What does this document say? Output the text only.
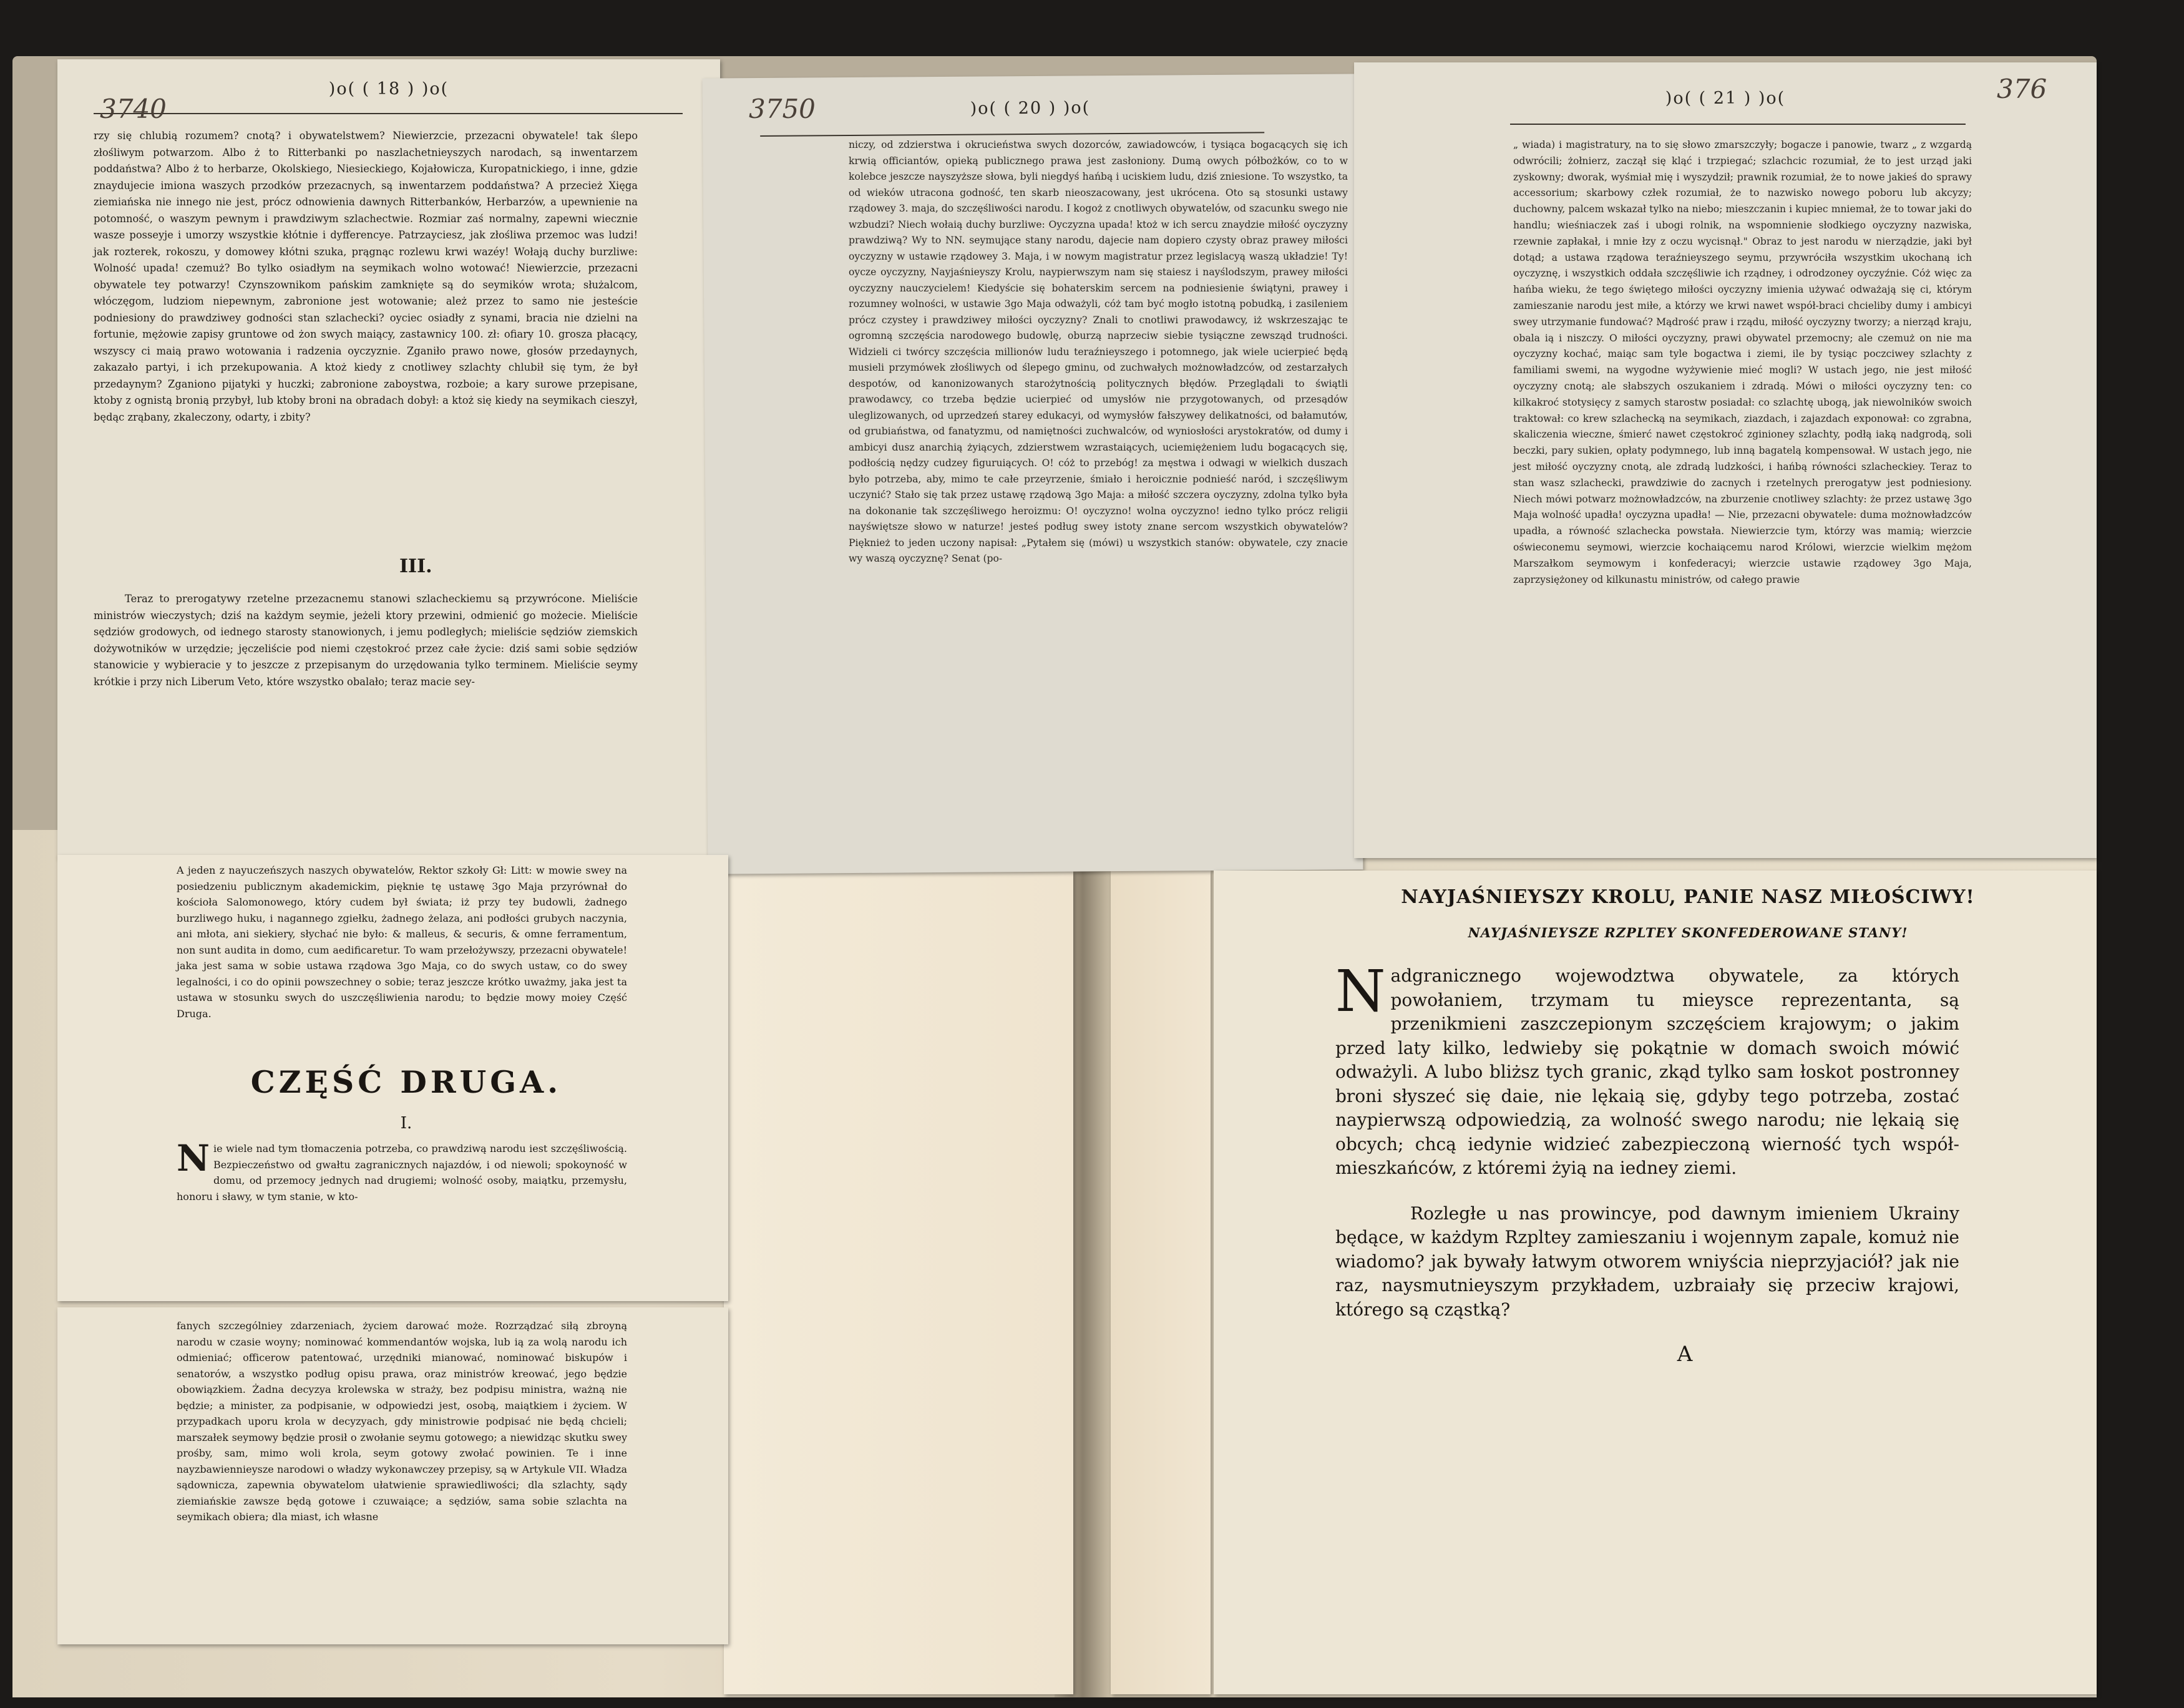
)o( ( 18 ) )o(
3740

rzy się chlubią rozumem? cnotą? i obywatelstwem? Niewierzcie, przezacni obywatele! tak ślepo złośliwym potwarzom. Albo ż to Ritterbanki po naszlachetnieyszych narodach, są inwentarzem poddaństwa? Albo ż to herbarze, Okolskiego, Niesieckiego, Kojałowicza, Kuropatnickiego, i inne, gdzie znaydujecie imiona waszych przodków przezacnych, są inwentarzem poddaństwa? A przecież Xięga ziemiańska nie innego nie jest, prócz odnowienia dawnych Ritterbanków, Herbarzów, a upewnienie na potomność, o waszym pewnym i prawdziwym szlachectwie. Rozmiar zaś normalny, zapewni wiecznie wasze posseyje i umorzy wszystkie kłótnie i dyfferencye. Patrzayciesz, jak złośliwa przemoc was ludzi! jak rozterek, rokoszu, y domowey kłótni szuka, prągnąc rozlewu krwi wazéy! Wołają duchy burzliwe: Wolność upada! czemuż? Bo tylko osiadłym na seymikach wolno wotować! Niewierzcie, przezacni obywatele tey potwarzy! Czynszownikom pańskim zamknięte są do seymików wrota; służalcom, włóczęgom, ludziom niepewnym, zabronione jest wotowanie; ależ przez to samo nie jesteście podniesiony do prawdziwey godności stan szlachecki? oyciec osiadły z synami, bracia nie dzielni na fortunie, mężowie zapisy gruntowe od żon swych maiący, zastawnicy 100. zł: ofiary 10. grosza płacący, wszyscy ci maią prawo wotowania i radzenia oyczyznie. Zganiło prawo nowe, głosów przedaynych, zakazało partyi, i ich przekupowania. A ktoż kiedy z cnotliwey szlachty chlubił się tym, że był przedaynym? Zganiono pijatyki y huczki; zabronione zaboystwa, rozboie; a kary surowe przepisane, ktoby z ognistą bronią przybył, lub ktoby broni na obradach dobył: a ktoż się kiedy na seymikach cieszył, będąc zrąbany, zkaleczony, odarty, i zbity?

III.

Teraz to prerogatywy rzetelne przezacnemu stanowi szlacheckiemu są przywrócone. Mieliście ministrów wieczystych; dziś na każdym seymie, jeżeli ktory przewini, odmienić go możecie. Mieliście sędziów grodowych, od iednego starosty stanowionych, i jemu podległych; mieliście sędziów ziemskich dożywotników w urzędzie; jęczeliście pod niemi częstokroć przez całe życie: dziś sami sobie sędziów stanowicie y wybieracie y to jeszcze z przepisanym do urzędowania tylko terminem. Mieliście seymy krótkie i przy nich Liberum Veto, które wszystko obalało; teraz macie sey-

)o( ( 20 ) )o(
3750

niczy, od zdzierstwa i okrucieństwa swych dozorców, zawiadowców, i tysiąca bogacących się ich krwią officiantów, opieką publicznego prawa jest zasłoniony. Dumą owych półbożków, co to w kolebce jeszcze nayszyższe słowa, byli niegdyś hańbą i uciskiem ludu, dziś zniesione. To wszystko, ta od wieków utracona godność, ten skarb nieoszacowany, jest ukrócena. Oto są stosunki ustawy rządowey 3. maja, do szczęśliwości narodu. I kogoż z cnotliwych obywatelów, od szacunku swego nie wzbudzi? Niech wołaią duchy burzliwe: Oyczyzna upada! ktoż w ich sercu znaydzie miłość oyczyzny prawdziwą? Wy to NN. seymujące stany narodu, dajecie nam dopiero czysty obraz prawey miłości oyczyzny w ustawie rządowey 3. Maja, i w nowym magistratur przez legislacyą waszą układzie! Ty! oycze oyczyzny, Nayjaśnieyszy Krolu, naypierwszym nam się staiesz i nayślodszym, prawey miłości oyczyzny nauczycielem! Kiedyście się bohaterskim sercem na podniesienie świątyni, prawey i rozumney wolności, w ustawie 3go Maja odważyli, cóż tam być mogło istotną pobudką, i zasileniem prócz czystey i prawdziwey miłości oyczyzny? Znali to cnotliwi prawodawcy, iż wskrzeszając te ogromną szczęścia narodowego budowlę, oburzą naprzeciw siebie tysiączne zewsząd trudności. Widzieli ci twórcy szczęścia millionów ludu teraźnieyszego i potomnego, jak wiele ucierpieć będą musieli przymówek złośliwych od ślepego gminu, od zuchwałych możnowładzców, od zestarzałych despotów, od kanonizowanych starożytnością politycznych błędów. Przeglądali to świątli prawodawcy, co trzeba będzie ucierpieć od umysłów nie przygotowanych, od przesądów uleglizowanych, od uprzedzeń starey edukacyi, od wymysłów fałszywey delikatności, od bałamutów, od grubiaństwa, od fanatyzmu, od namiętności zuchwalców, od wyniosłości arystokratów, od dumy i ambicyi dusz anarchią żyiących, zdzierstwem wzrastaiących, uciemiężeniem ludu bogacących się, podłością nędzy cudzey figuruiących. O! cóż to przebóg! za męstwa i odwagi w wielkich duszach było potrzeba, aby, mimo te całe przeyrzenie, śmiało i heroicznie podnieść naród, i szczęśliwym uczynić? Stało się tak przez ustawę rządową 3go Maja: a miłość szczera oyczyzny, zdolna tylko była na dokonanie tak szczęśliwego heroizmu: O! oyczyzno! wolna oyczyzno! iedno tylko prócz religii nayświętsze słowo w naturze! jesteś podług swey istoty znane sercom wszystkich obywatelów? Pięknież to jeden uczony napisał: „Pytałem się (mówi) u wszystkich stanów: obywatele, czy znacie wy waszą oyczyznę? Senat (po-

)o( ( 21 ) )o(	376

„ wiada) i magistratury, na to się słowo zmarszczyły; bogacze i panowie, twarz „ z wzgardą odwrócili; żołnierz, zaczął się kląć i trzpiegać; szlachcic rozumiał, że to jest urząd jaki zyskowny; dworak, wyśmiał mię i wyszydził; prawnik rozumiał, że to nowe jakieś do sprawy accessorium; skarbowy człek rozumiał, że to nazwisko nowego poboru lub akcyzy; duchowny, palcem wskazał tylko na niebo; mieszczanin i kupiec mniemał, że to towar jaki do handlu; wieśniaczek zaś i ubogi rolnik, na wspomnienie słodkiego oyczyzny nazwiska, rzewnie zapłakał, i mnie łzy z oczu wycisnął." Obraz to jest narodu w nierządzie, jaki był dotąd; a ustawa rządowa teraźnieyszego seymu, przywróciła wszystkim ukochaną ich oyczyznę, i wszystkich oddała szczęśliwie ich rządney, i odrodzoney oyczyźnie. Cóż więc za hańba wieku, że tego świętego miłości oyczyzny imienia używać odważają się ci, którym zamieszanie narodu jest miłe, a którzy we krwi nawet współ-braci chcieliby dumy i ambicyi swey utrzymanie fundować? Mądrość praw i rządu, miłość oyczyzny tworzy; a nierząd kraju, obala ią i niszczy. O miłości oyczyzny, prawi obywatel przemocny; ale czemuż on nie ma oyczyzny kochać, maiąc sam tyle bogactwa i ziemi, ile by tysiąc poczciwey szlachty z familiami swemi, na wygodne wyżywienie mieć mogli? W ustach jego, nie jest miłość oyczyzny cnotą; ale słabszych oszukaniem i zdradą. Mówi o miłości oyczyzny ten: co kilkakroć stotysięcy z samych starostw posiadał: co szlachtę ubogą, jak niewolników swoich traktował: co krew szlachecką na seymikach, ziazdach, i zajazdach exponował: co zgrabna, skaliczenia wieczne, śmierć nawet częstokroć zginioney szlachty, podłą iaką nadgrodą, soli beczki, pary sukien, opłaty podymnego, lub inną bagatelą kompensował. W ustach jego, nie jest miłość oyczyzny cnotą, ale zdradą ludzkości, i hańbą równości szlacheckiey. Teraz to stan wasz szlachecki, prawdziwie do zacnych i rzetelnych prerogatyw jest podniesiony. Niech mówi potwarz możnowładzców, na zburzenie cnotliwey szlachty: że przez ustawę 3go Maja wolność upadła! oyczyzna upadła! — Nie, przezacni obywatele: duma możnowładzców upadła, a równość szlachecka powstała. Niewierzcie tym, którzy was mamią; wierzcie oświeconemu seymowi, wierzcie kochaiącemu narod Królowi, wierzcie wielkim mężom Marszałkom seymowym i konfederacyi; wierzcie ustawie rządowey 3go Maja, zaprzysiężoney od kilkunastu ministrów, od całego prawie

A jeden z nayuczeńszych naszych obywatelów, Rektor szkoły Gł: Litt: w mowie swey na posiedzeniu publicznym akademickim, pięknie tę ustawę 3go Maja przyrównał do kościoła Salomonowego, który cudem był świata; iż przy tey budowli, żadnego burzliwego huku, i nagannego zgiełku, żadnego żelaza, ani podłości grubych naczynia, ani młota, ani siekiery, słychać nie było: & malleus, & securis, & omne ferramentum, non sunt audita in domo, cum aedificaretur. To wam przełożywszy, przezacni obywatele! jaka jest sama w sobie ustawa rządowa 3go Maja, co do swych ustaw, co do swey legalności, i co do opinii powszechney o sobie; teraz jeszcze krótko uważmy, jaka jest ta ustawa w stosunku swych do uszczęśliwienia narodu; to będzie mowy moiey Część Druga.

CZĘŚĆ DRUGA.
I.

Nie wiele nad tym tłomaczenia potrzeba, co prawdziwą narodu iest szczęśliwością. Bezpieczeństwo od gwałtu zagranicznych najazdów, i od niewoli; spokoyność w domu, od przemocy jednych nad drugiemi; wolność osoby, maiątku, przemysłu, honoru i sławy, w tym stanie, w kto-

fanych szczególniey zdarzeniach, życiem darować może. Rozrządzać siłą zbroyną narodu w czasie woyny; nominować kommendantów wojska, lub ią za wolą narodu ich odmieniać; officerow patentować, urzędniki mianować, nominować biskupów i senatorów, a wszystko podług opisu prawa, oraz ministrów kreować, jego będzie obowiązkiem. Żadna decyzya krolewska w straży, bez podpisu ministra, ważną nie będzie; a minister, za podpisanie, w odpowiedzi jest, osobą, maiątkiem i życiem. W przypadkach uporu krola w decyzyach, gdy ministrowie podpisać nie będą chcieli; marszałek seymowy będzie prosił o zwołanie seymu gotowego; a niewidząc skutku swey prośby, sam, mimo woli krola, seym gotowy zwołać powinien. Te i inne nayzbawiennieysze narodowi o władzy wykonawczey przepisy, są w Artykule VII. Władza sądownicza, zapewnia obywatelom ułatwienie sprawiedliwości; dla szlachty, sądy ziemiańskie zawsze będą gotowe i czuwaiące; a sędziów, sama sobie szlachta na seymikach obiera; dla miast, ich własne

NAYJAŚNIEYSZY KROLU, PANIE NASZ MIŁOŚCIWY!
NAYJAŚNIEYSZE RZPLTEY SKONFEDEROWANE STANY!

Nadgranicznego wojewodztwa obywatele, za których powołaniem, trzymam tu mieysce reprezentanta, są przenikmieni zaszczepionym szczęściem krajowym; o jakim przed laty kilko, ledwieby się pokątnie w domach swoich mówić odważyli. A lubo bliższ tych granic, zkąd tylko sam łoskot postronney broni słyszeć się daie, nie lękaią się, gdyby tego potrzeba, zostać naypierwszą odpowiedzią, za wolność swego narodu; nie lękaią się obcych; chcą iedynie widzieć zabezpieczoną wierność tych współ-mieszkańców, z któremi żyią na iedney ziemi.

Rozległe u nas prowincye, pod dawnym imieniem Ukrainy będące, w każdym Rzpltey zamieszaniu i wojennym zapale, komuż nie wiadomo? jak bywały łatwym otworem wniyścia nieprzyjaciół? jak nie raz, naysmutnieyszym przykładem, uzbraiały się przeciw krajowi, którego są cząstką?

A
